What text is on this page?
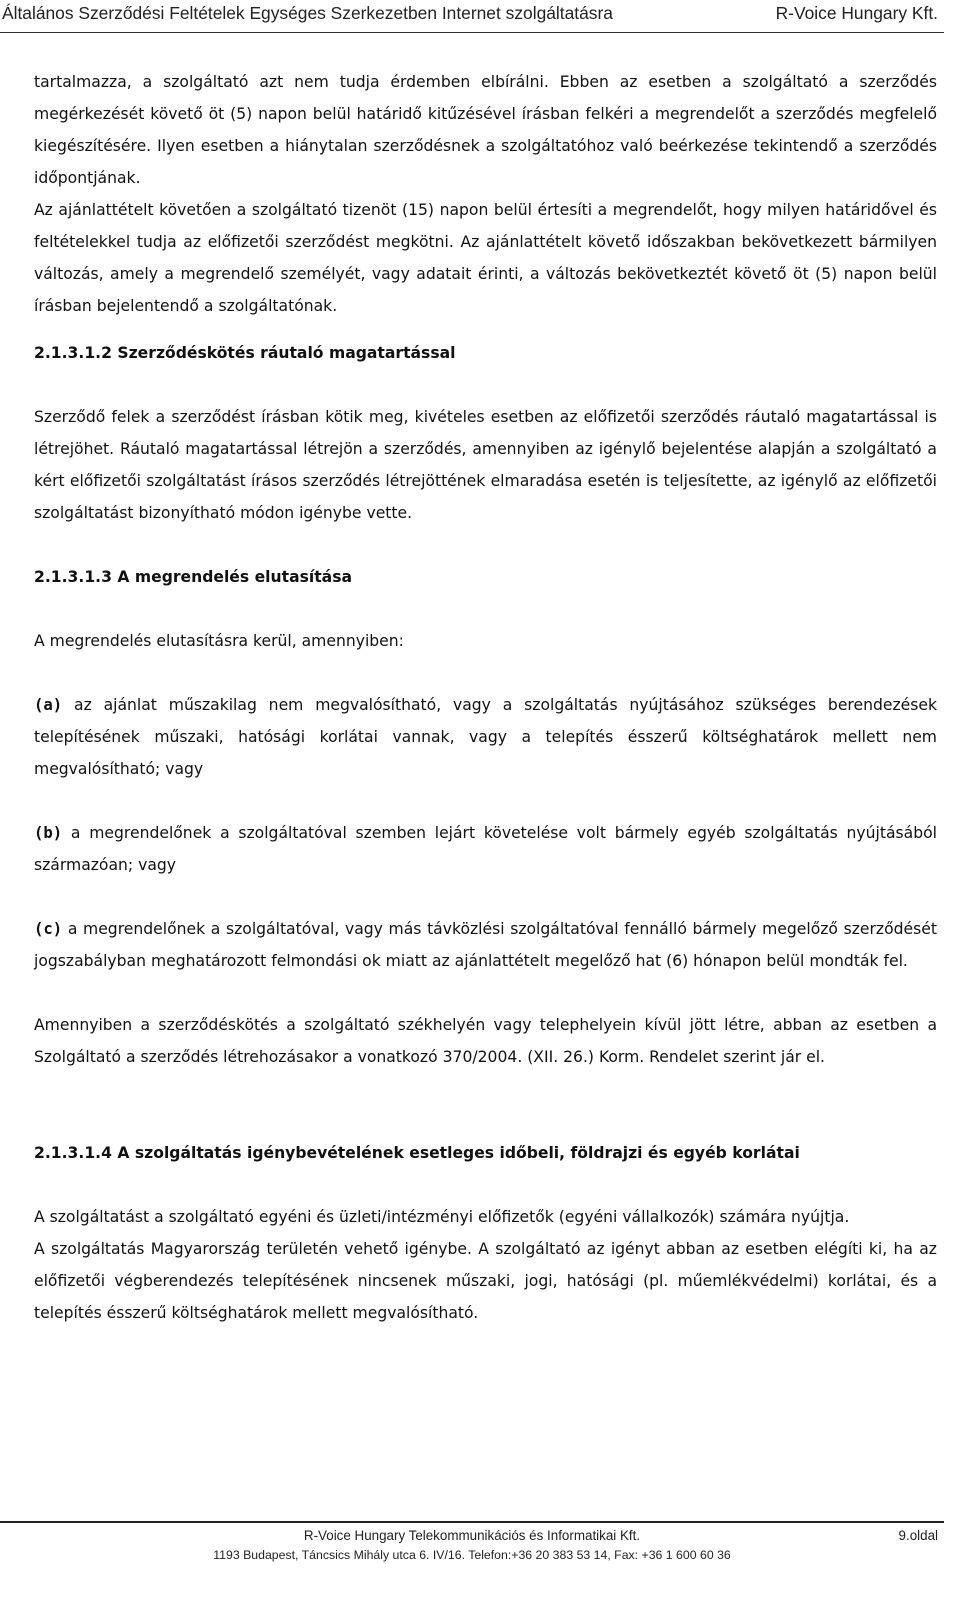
Általános Szerződési Feltételek Egységes Szerkezetben Internet szolgáltatásra	R-Voice Hungary Kft.
tartalmazza, a szolgáltató azt nem tudja érdemben elbírálni. Ebben az esetben a szolgáltató a szerződés megérkezését követő öt (5) napon belül határidő kitűzésével írásban felkéri a megrendelőt a szerződés megfelelő kiegészítésére. Ilyen esetben a hiánytalan szerződésnek a szolgáltatóhoz való beérkezése tekintendő a szerződés időpontjának.
Az ajánlattételt követően a szolgáltató tizenöt (15) napon belül értesíti a megrendelőt, hogy milyen határidővel és feltételekkel tudja az előfizetői szerződést megkötni. Az ajánlattételt követő időszakban bekövetkezett bármilyen változás, amely a megrendelő személyét, vagy adatait érinti, a változás bekövetkeztét követő öt (5) napon belül írásban bejelentendő a szolgáltatónak.
2.1.3.1.2 Szerződéskötés ráutaló magatartással
Szerződő felek a szerződést írásban kötik meg, kivételes esetben az előfizetői szerződés ráutaló magatartással is létrejöhet. Ráutaló magatartással létrejön a szerződés, amennyiben az igénylő bejelentése alapján a szolgáltató a kért előfizetői szolgáltatást írásos szerződés létrejöttének elmaradása esetén is teljesítette, az igénylő az előfizetői szolgáltatást bizonyítható módon igénybe vette.
2.1.3.1.3 A megrendelés elutasítása
A megrendelés elutasításra kerül, amennyiben:
(a) az ajánlat műszakilag nem megvalósítható, vagy a szolgáltatás nyújtásához szükséges berendezések telepítésének műszaki, hatósági korlátai vannak, vagy a telepítés ésszerű költséghatárok mellett nem megvalósítható; vagy
(b) a megrendelőnek a szolgáltatóval szemben lejárt követelése volt bármely egyéb szolgáltatás nyújtásából származóan; vagy
(c) a megrendelőnek a szolgáltatóval, vagy más távközlési szolgáltatóval fennálló bármely megelőző szerződését jogszabályban meghatározott felmondási ok miatt az ajánlattételt megelőző hat (6) hónapon belül mondták fel.
Amennyiben a szerződéskötés a szolgáltató székhelyén vagy telephelyein kívül jött létre, abban az esetben a Szolgáltató a szerződés létrehozásakor a vonatkozó 370/2004. (XII. 26.) Korm. Rendelet szerint jár el.
2.1.3.1.4 A szolgáltatás igénybevételének esetleges időbeli, földrajzi és egyéb korlátai
A szolgáltatást a szolgáltató egyéni és üzleti/intézményi előfizetők (egyéni vállalkozók) számára nyújtja.
A szolgáltatás Magyarország területén vehető igénybe. A szolgáltató az igényt abban az esetben elégíti ki, ha az előfizetői végberendezés telepítésének nincsenek műszaki, jogi, hatósági (pl. műemlékvédelmi) korlátai, és a telepítés ésszerű költséghatárok mellett megvalósítható.
R-Voice Hungary Telekommunikációs és Informatikai Kft.	9.oldal
1193 Budapest, Táncsics Mihály utca 6. IV/16. Telefon:+36 20 383 53 14, Fax: +36 1 600 60 36
